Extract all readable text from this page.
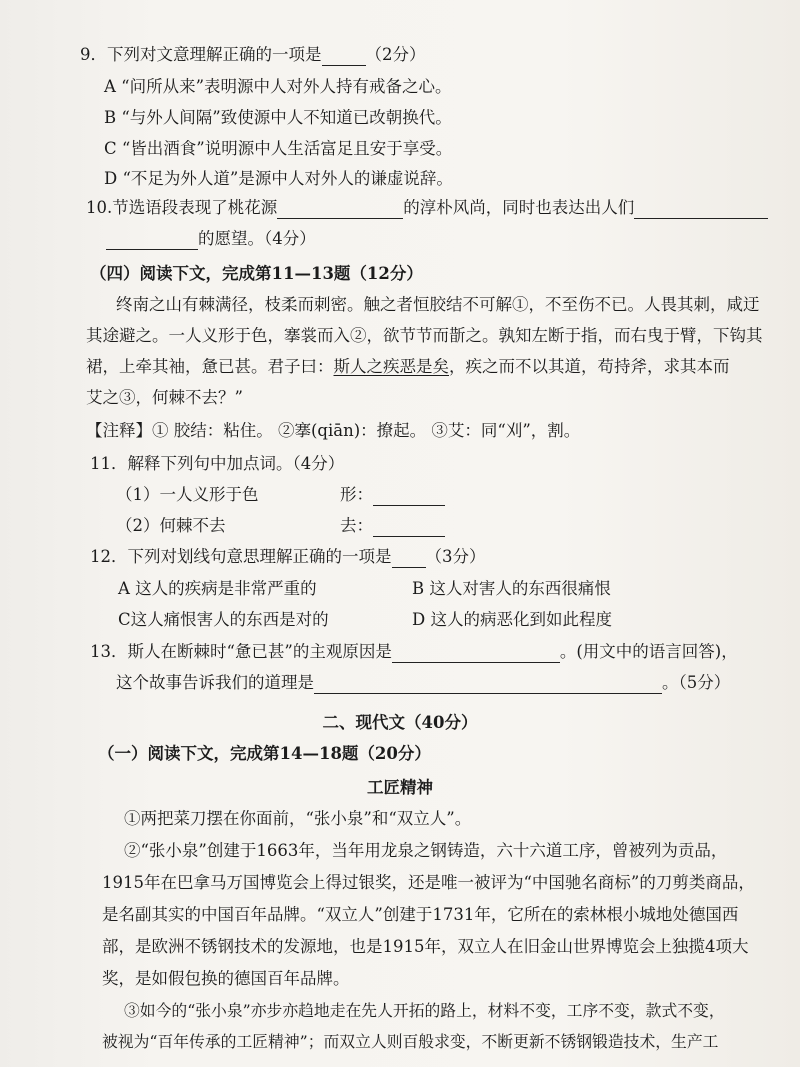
9．下列对文意理解正确的一项是	（2分）
A “问所从来”表明源中人对外人持有戒备之心。
B “与外人间隔”致使源中人不知道已改朝换代。
C “皆出酒食”说明源中人生活富足且安于享受。
D “不足为外人道”是源中人对外人的谦虚说辞。
10.节选语段表现了桃花源	的淳朴风尚，同时也表达出人们
的愿望。（4分）
（四）阅读下文，完成第11—13题（12分）
终南之山有棘满径，枝柔而刺密。触之者恒胶结不可解①，不至伤不已。人畏其刺，咸迂
其途避之。一人义形于色，搴裳而入②，欲节节而斮之。孰知左断于指，而右曳于臂，下钩其
裙，上牵其袖，惫已甚。君子曰：斯人之疾恶是矣，疾之而不以其道，苟持斧，求其本而
艾之③，何棘不去？”
【注释】① 胶结：粘住。 ②搴(qiān)：撩起。 ③艾：同“刈”，割。
11．解释下列句中加点词。（4分）
（1）一人义形于色	形：
（2）何棘不去	去：
12．下列对划线句意思理解正确的一项是 （3分）
A 这人的疾病是非常严重的	B 这人对害人的东西很痛恨
C这人痛恨害人的东西是对的	D 这人的病恶化到如此程度
13．斯人在断棘时“惫已甚”的主观原因是	。(用文中的语言回答)，
这个故事告诉我们的道理是	。（5分）
二、现代文（40分）
（一）阅读下文，完成第14—18题（20分）
工匠精神
①两把菜刀摆在你面前，“张小泉”和“双立人”。
②“张小泉”创建于1663年，当年用龙泉之钢铸造，六十六道工序，曾被列为贡品，
1915年在巴拿马万国博览会上得过银奖，还是唯一被评为“中国驰名商标”的刀剪类商品，
是名副其实的中国百年品牌。“双立人”创建于1731年，它所在的索林根小城地处德国西
部，是欧洲不锈钢技术的发源地，也是1915年，双立人在旧金山世界博览会上独揽4项大
奖，是如假包换的德国百年品牌。
③如今的“张小泉”亦步亦趋地走在先人开拓的路上，材料不变，工序不变，款式不变，
被视为“百年传承的工匠精神”；而双立人则百般求变，不断更新不锈钢锻造技术，生产工
